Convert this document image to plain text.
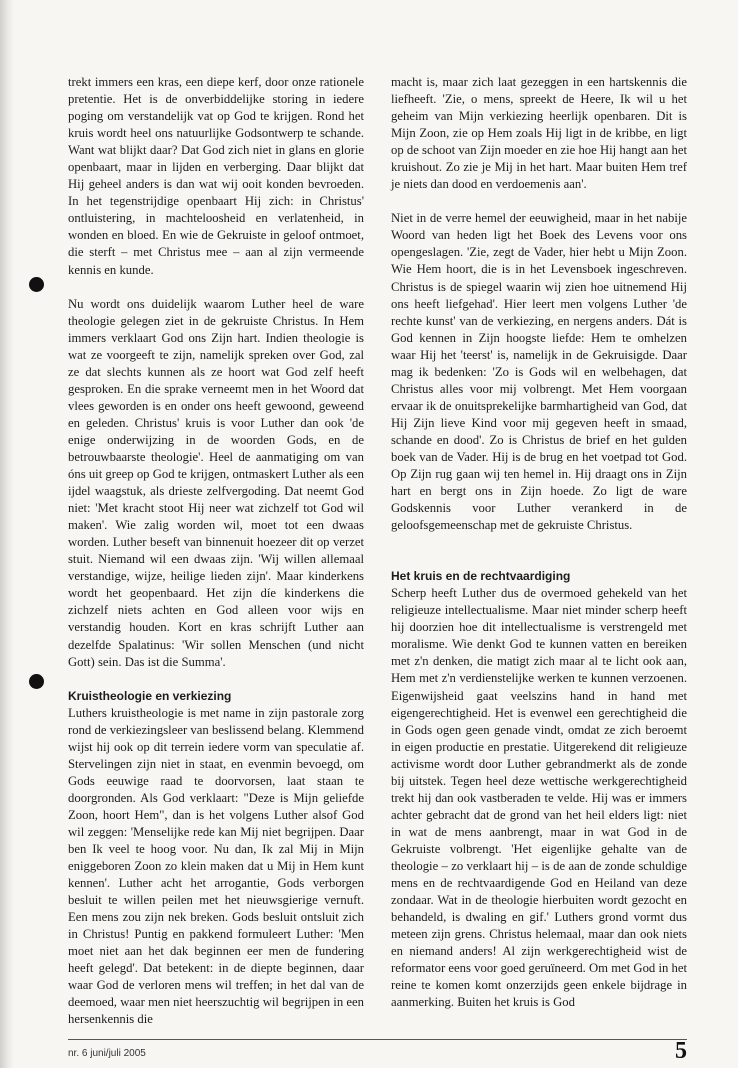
trekt immers een kras, een diepe kerf, door onze rationele pretentie. Het is de onverbiddelijke storing in iedere poging om verstandelijk vat op God te krijgen. Rond het kruis wordt heel ons natuurlijke Godsontwerp te schande. Want wat blijkt daar? Dat God zich niet in glans en glorie openbaart, maar in lijden en verberging. Daar blijkt dat Hij geheel anders is dan wat wij ooit konden bevroeden. In het tegenstrijdige openbaart Hij zich: in Christus' ontluistering, in machteloosheid en verlatenheid, in wonden en bloed. En wie de Gekruiste in geloof ontmoet, die sterft – met Christus mee – aan al zijn vermeende kennis en kunde.

Nu wordt ons duidelijk waarom Luther heel de ware theologie gelegen ziet in de gekruiste Christus. In Hem immers verklaart God ons Zijn hart. Indien theologie is wat ze voorgeeft te zijn, namelijk spreken over God, zal ze dat slechts kunnen als ze hoort wat God zelf heeft gesproken. En die sprake verneemt men in het Woord dat vlees geworden is en onder ons heeft gewoond, geweend en geleden. Christus' kruis is voor Luther dan ook 'de enige onderwijzing in de woorden Gods, en de betrouwbaarste theologie'. Heel de aanmatiging om van óns uit greep op God te krijgen, ontmaskert Luther als een ijdel waagstuk, als drieste zelfvergoding. Dat neemt God niet: 'Met kracht stoot Hij neer wat zichzelf tot God wil maken'. Wie zalig worden wil, moet tot een dwaas worden. Luther beseft van binnenuit hoezeer dit op verzet stuit. Niemand wil een dwaas zijn. 'Wij willen allemaal verstandige, wijze, heilige lieden zijn'. Maar kinderkens wordt het geopenbaard. Het zijn díe kinderkens die zichzelf niets achten en God alleen voor wijs en verstandig houden. Kort en kras schrijft Luther aan dezelfde Spalatinus: 'Wir sollen Menschen (und nicht Gott) sein. Das ist die Summa'.

Kruistheologie en verkiezing

Luthers kruistheologie is met name in zijn pastorale zorg rond de verkiezingsleer van beslissend belang. Klemmend wijst hij ook op dit terrein iedere vorm van speculatie af. Stervelingen zijn niet in staat, en evenmin bevoegd, om Gods eeuwige raad te doorvorsen, laat staan te doorgronden. Als God verklaart: "Deze is Mijn geliefde Zoon, hoort Hem", dan is het volgens Luther alsof God wil zeggen: 'Menselijke rede kan Mij niet begrijpen. Daar ben Ik veel te hoog voor. Nu dan, Ik zal Mij in Mijn eniggeboren Zoon zo klein maken dat u Mij in Hem kunt kennen'. Luther acht het arrogantie, Gods verborgen besluit te willen peilen met het nieuwsgierige vernuft. Een mens zou zijn nek breken. Gods besluit ontsluit zich in Christus! Puntig en pakkend formuleert Luther: 'Men moet niet aan het dak beginnen eer men de fundering heeft gelegd'. Dat betekent: in de diepte beginnen, daar waar God de verloren mens wil treffen; in het dal van de deemoed, waar men niet heerszuchtig wil begrijpen in een hersenkennis die

macht is, maar zich laat gezeggen in een hartskennis die liefheeft. 'Zie, o mens, spreekt de Heere, Ik wil u het geheim van Mijn verkiezing heerlijk openbaren. Dit is Mijn Zoon, zie op Hem zoals Hij ligt in de kribbe, en ligt op de schoot van Zijn moeder en zie hoe Hij hangt aan het kruishout. Zo zie je Mij in het hart. Maar buiten Hem tref je niets dan dood en verdoemenis aan'.

Niet in de verre hemel der eeuwigheid, maar in het nabije Woord van heden ligt het Boek des Levens voor ons opengeslagen. 'Zie, zegt de Vader, hier hebt u Mijn Zoon. Wie Hem hoort, die is in het Levensboek ingeschreven. Christus is de spiegel waarin wij zien hoe uitnemend Hij ons heeft liefgehad'. Hier leert men volgens Luther 'de rechte kunst' van de verkiezing, en nergens anders. Dát is God kennen in Zijn hoogste liefde: Hem te omhelzen waar Hij het 'teerst' is, namelijk in de Gekruisigde. Daar mag ik bedenken: 'Zo is Gods wil en welbehagen, dat Christus alles voor mij volbrengt. Met Hem voorgaan ervaar ik de onuitsprekelijke barmhartigheid van God, dat Hij Zijn lieve Kind voor mij gegeven heeft in smaad, schande en dood'. Zo is Christus de brief en het gulden boek van de Vader. Hij is de brug en het voetpad tot God. Op Zijn rug gaan wij ten hemel in. Hij draagt ons in Zijn hart en bergt ons in Zijn hoede. Zo ligt de ware Godskennis voor Luther verankerd in de geloofsgemeenschap met de gekruiste Christus.

Het kruis en de rechtvaardiging

Scherp heeft Luther dus de overmoed gehekeld van het religieuze intellectualisme. Maar niet minder scherp heeft hij doorzien hoe dit intellectualisme is verstrengeld met moralisme. Wie denkt God te kunnen vatten en bereiken met z'n denken, die matigt zich maar al te licht ook aan, Hem met z'n verdienstelijke werken te kunnen verzoenen. Eigenwijsheid gaat veelszins hand in hand met eigengerechtigheid. Het is evenwel een gerechtigheid die in Gods ogen geen genade vindt, omdat ze zich beroemt in eigen productie en prestatie. Uitgerekend dit religieuze activisme wordt door Luther gebrandmerkt als de zonde bij uitstek. Tegen heel deze wettische werkgerechtigheid trekt hij dan ook vastberaden te velde. Hij was er immers achter gebracht dat de grond van het heil elders ligt: niet in wat de mens aanbrengt, maar in wat God in de Gekruiste volbrengt. 'Het eigenlijke gehalte van de theologie – zo verklaart hij – is de aan de zonde schuldige mens en de rechtvaardigende God en Heiland van deze zondaar. Wat in de theologie hierbuiten wordt gezocht en behandeld, is dwaling en gif.' Luthers grond vormt dus meteen zijn grens. Christus helemaal, maar dan ook niets en niemand anders! Al zijn werkgerechtigheid wist de reformator eens voor goed geruïneerd. Om met God in het reine te komen komt onzerzijds geen enkele bijdrage in aanmerking. Buiten het kruis is God

nr. 6 juni/juli 2005	5
